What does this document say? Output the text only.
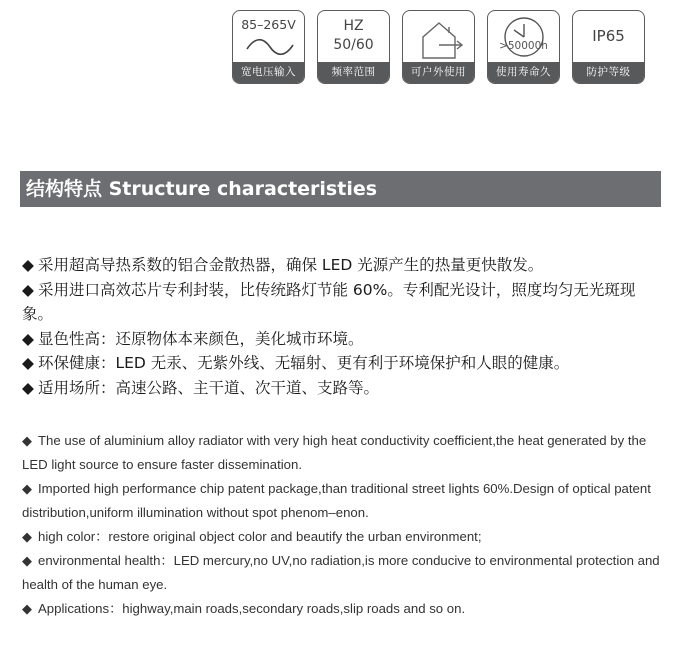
85–265V
宽电压输入
HZ
50/60
频率范围	可户外使用
>50000h
使用寿命久
IP65
防护等级
结构特点 Structure characteristies

◆ 采用超高导热系数的铝合金散热器，确保 LED 光源产生的热量更快散发。

◆ 采用进口高效芯片专利封装，比传统路灯节能 60%。专利配光设计，照度均匀无光斑现象。

◆ 显色性高：还原物体本来颜色，美化城市环境。

◆ 环保健康：LED 无汞、无紫外线、无辐射、更有利于环境保护和人眼的健康。

◆ 适用场所：高速公路、主干道、次干道、支路等。

◆ The use of aluminium alloy radiator with very high heat conductivity coefficient,the heat generated by the LED light source to ensure faster dissemination.

◆ Imported high performance chip patent package,than traditional street lights 60%.Design of optical patent distribution,uniform illumination without spot phenom–enon.

◆ high color：restore original object color and beautify the urban environment;

◆ environmental health：LED mercury,no UV,no radiation,is more conducive to environmental protection and health of the human eye.

◆ Applications：highway,main roads,secondary roads,slip roads and so on.
